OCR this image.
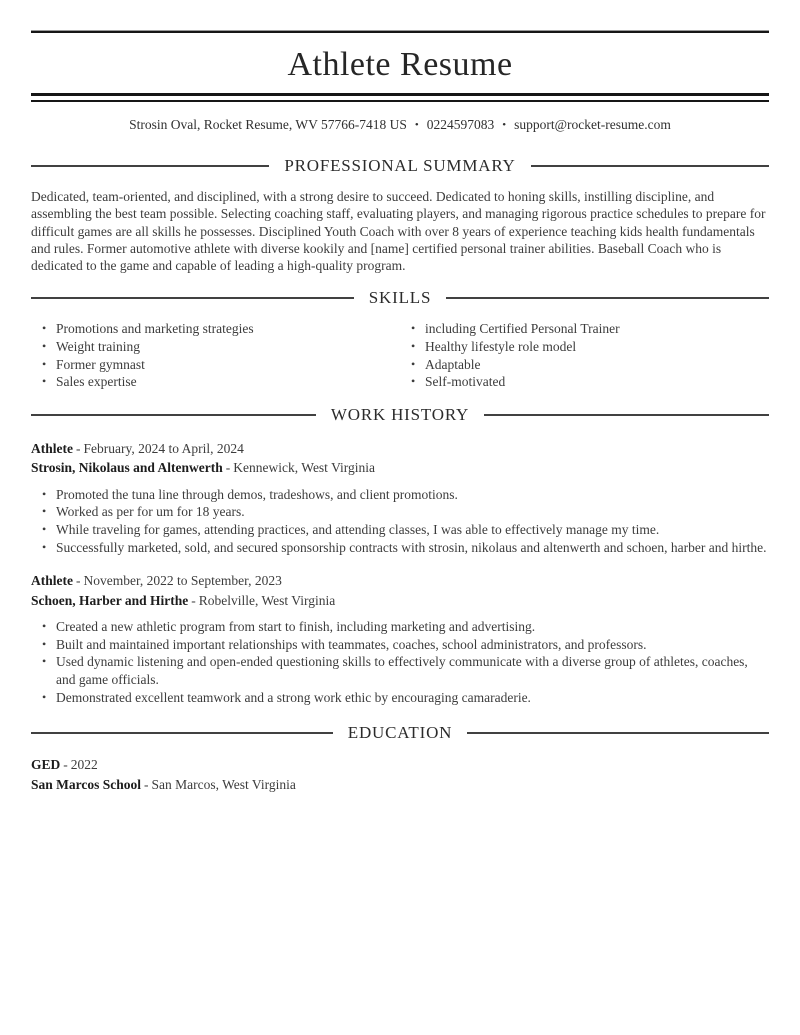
Athlete Resume
Strosin Oval, Rocket Resume, WV 57766-7418 US • 0224597083 • support@rocket-resume.com
PROFESSIONAL SUMMARY

Dedicated, team-oriented, and disciplined, with a strong desire to succeed. Dedicated to honing skills, instilling discipline, and assembling the best team possible. Selecting coaching staff, evaluating players, and managing rigorous practice schedules to prepare for difficult games are all skills he possesses. Disciplined Youth Coach with over 8 years of experience teaching kids health fundamentals and rules. Former automotive athlete with diverse kookily and [name] certified personal trainer abilities. Baseball Coach who is dedicated to the game and capable of leading a high-quality program.

SKILLS
• Promotions and marketing strategies
• Weight training
• Former gymnast
• Sales expertise
• including Certified Personal Trainer
• Healthy lifestyle role model
• Adaptable
• Self-motivated
WORK HISTORY
Athlete - February, 2024 to April, 2024
Strosin, Nikolaus and Altenwerth - Kennewick, West Virginia
• Promoted the tuna line through demos, tradeshows, and client promotions.
• Worked as per for um for 18 years.
• While traveling for games, attending practices, and attending classes, I was able to effectively manage my time.
• Successfully marketed, sold, and secured sponsorship contracts with strosin, nikolaus and altenwerth and schoen, harber and hirthe.
Athlete - November, 2022 to September, 2023
Schoen, Harber and Hirthe - Robelville, West Virginia
• Created a new athletic program from start to finish, including marketing and advertising.
• Built and maintained important relationships with teammates, coaches, school administrators, and professors.
• Used dynamic listening and open-ended questioning skills to effectively communicate with a diverse group of athletes, coaches, and game officials.
• Demonstrated excellent teamwork and a strong work ethic by encouraging camaraderie.
EDUCATION
GED - 2022
San Marcos School - San Marcos, West Virginia
